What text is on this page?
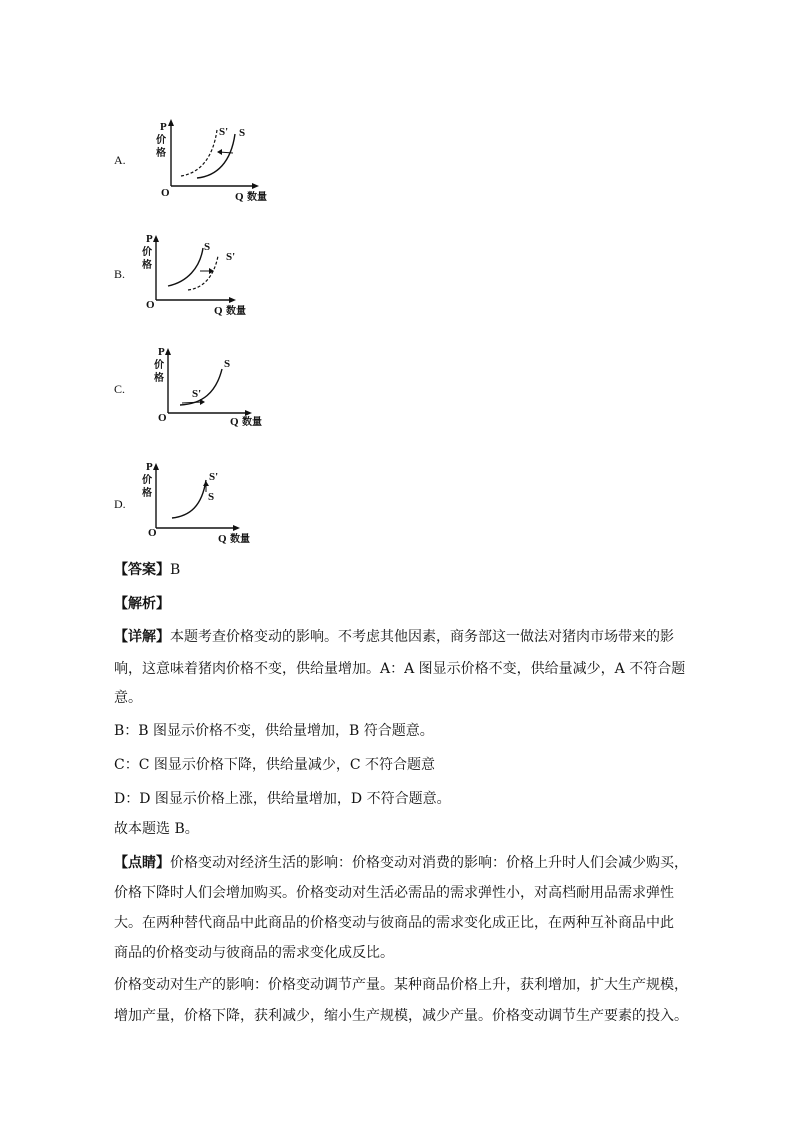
A.
P
价
格
O	Q 数量
S' S
B.
P
价
格
O	Q 数量
S
S'
C.
P
价
格
O	Q 数量
S'
S
D.
P
价
格
O	Q 数量
S'
S
【答案】B
【解析】
【详解】本题考查价格变动的影响。不考虑其他因素，商务部这一做法对猪肉市场带来的影
响，这意味着猪肉价格不变，供给量增加。A：A 图显示价格不变，供给量减少，A 不符合题
意。
B：B 图显示价格不变，供给量增加，B 符合题意。
C：C 图显示价格下降，供给量减少，C 不符合题意
D：D 图显示价格上涨，供给量增加，D 不符合题意。
故本题选 B。
【点睛】价格变动对经济生活的影响：价格变动对消费的影响：价格上升时人们会减少购买，
价格下降时人们会增加购买。价格变动对生活必需品的需求弹性小，对高档耐用品需求弹性
大。在两种替代商品中此商品的价格变动与彼商品的需求变化成正比，在两种互补商品中此
商品的价格变动与彼商品的需求变化成反比。
价格变动对生产的影响：价格变动调节产量。某种商品价格上升，获利增加，扩大生产规模，
增加产量，价格下降，获利减少，缩小生产规模，减少产量。价格变动调节生产要素的投入。
